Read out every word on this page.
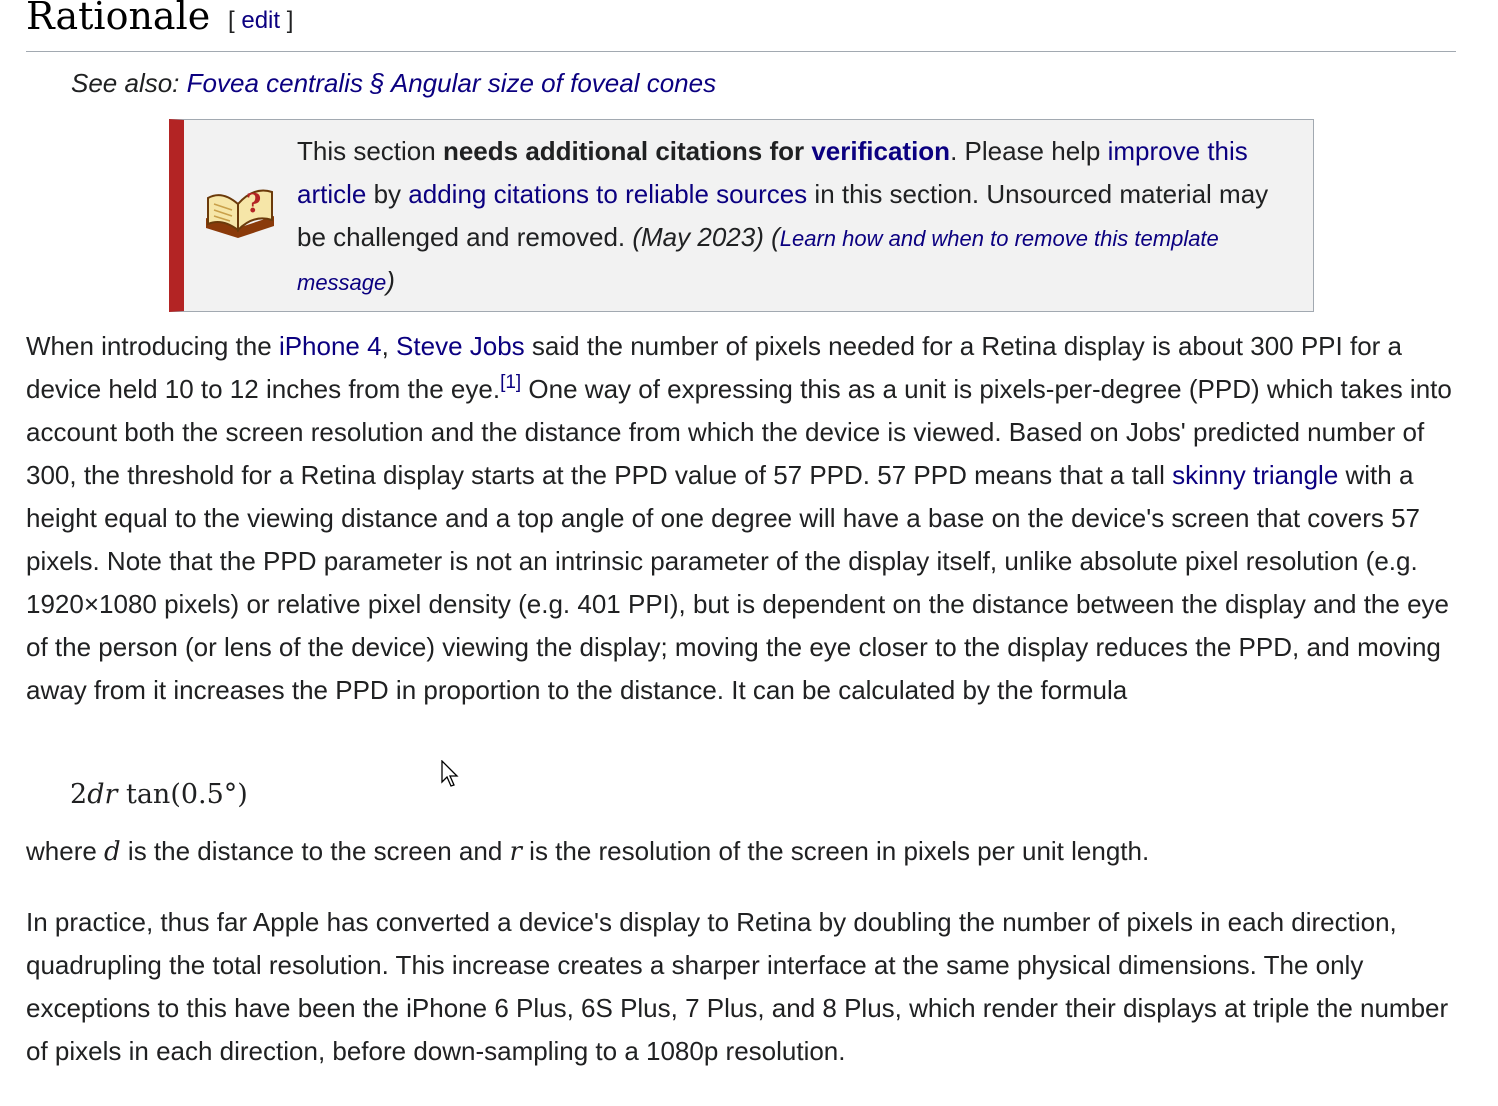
Rationale [ edit ]
See also: Fovea centralis § Angular size of foveal cones
?
This section needs additional citations for verification. Please help improve this article by adding citations to reliable sources in this section. Unsourced material may be challenged and removed. (May 2023) (Learn how and when to remove this template message)
When introducing the iPhone 4, Steve Jobs said the number of pixels needed for a Retina display is about 300 PPI for a device held 10 to 12 inches from the eye.[1] One way of expressing this as a unit is pixels-per-degree (PPD) which takes into account both the screen resolution and the distance from which the device is viewed. Based on Jobs' predicted number of 300, the threshold for a Retina display starts at the PPD value of 57 PPD. 57 PPD means that a tall skinny triangle with a height equal to the viewing distance and a top angle of one degree will have a base on the device's screen that covers 57 pixels. Note that the PPD parameter is not an intrinsic parameter of the display itself, unlike absolute pixel resolution (e.g. 1920×1080 pixels) or relative pixel density (e.g. 401 PPI), but is dependent on the distance between the display and the eye of the person (or lens of the device) viewing the display; moving the eye closer to the display reduces the PPD, and moving away from it increases the PPD in proportion to the distance. It can be calculated by the formula
2dr tan(0.5°)
where d is the distance to the screen and r is the resolution of the screen in pixels per unit length.
In practice, thus far Apple has converted a device's display to Retina by doubling the number of pixels in each direction, quadrupling the total resolution. This increase creates a sharper interface at the same physical dimensions. The only exceptions to this have been the iPhone 6 Plus, 6S Plus, 7 Plus, and 8 Plus, which render their displays at triple the number of pixels in each direction, before down-sampling to a 1080p resolution.
